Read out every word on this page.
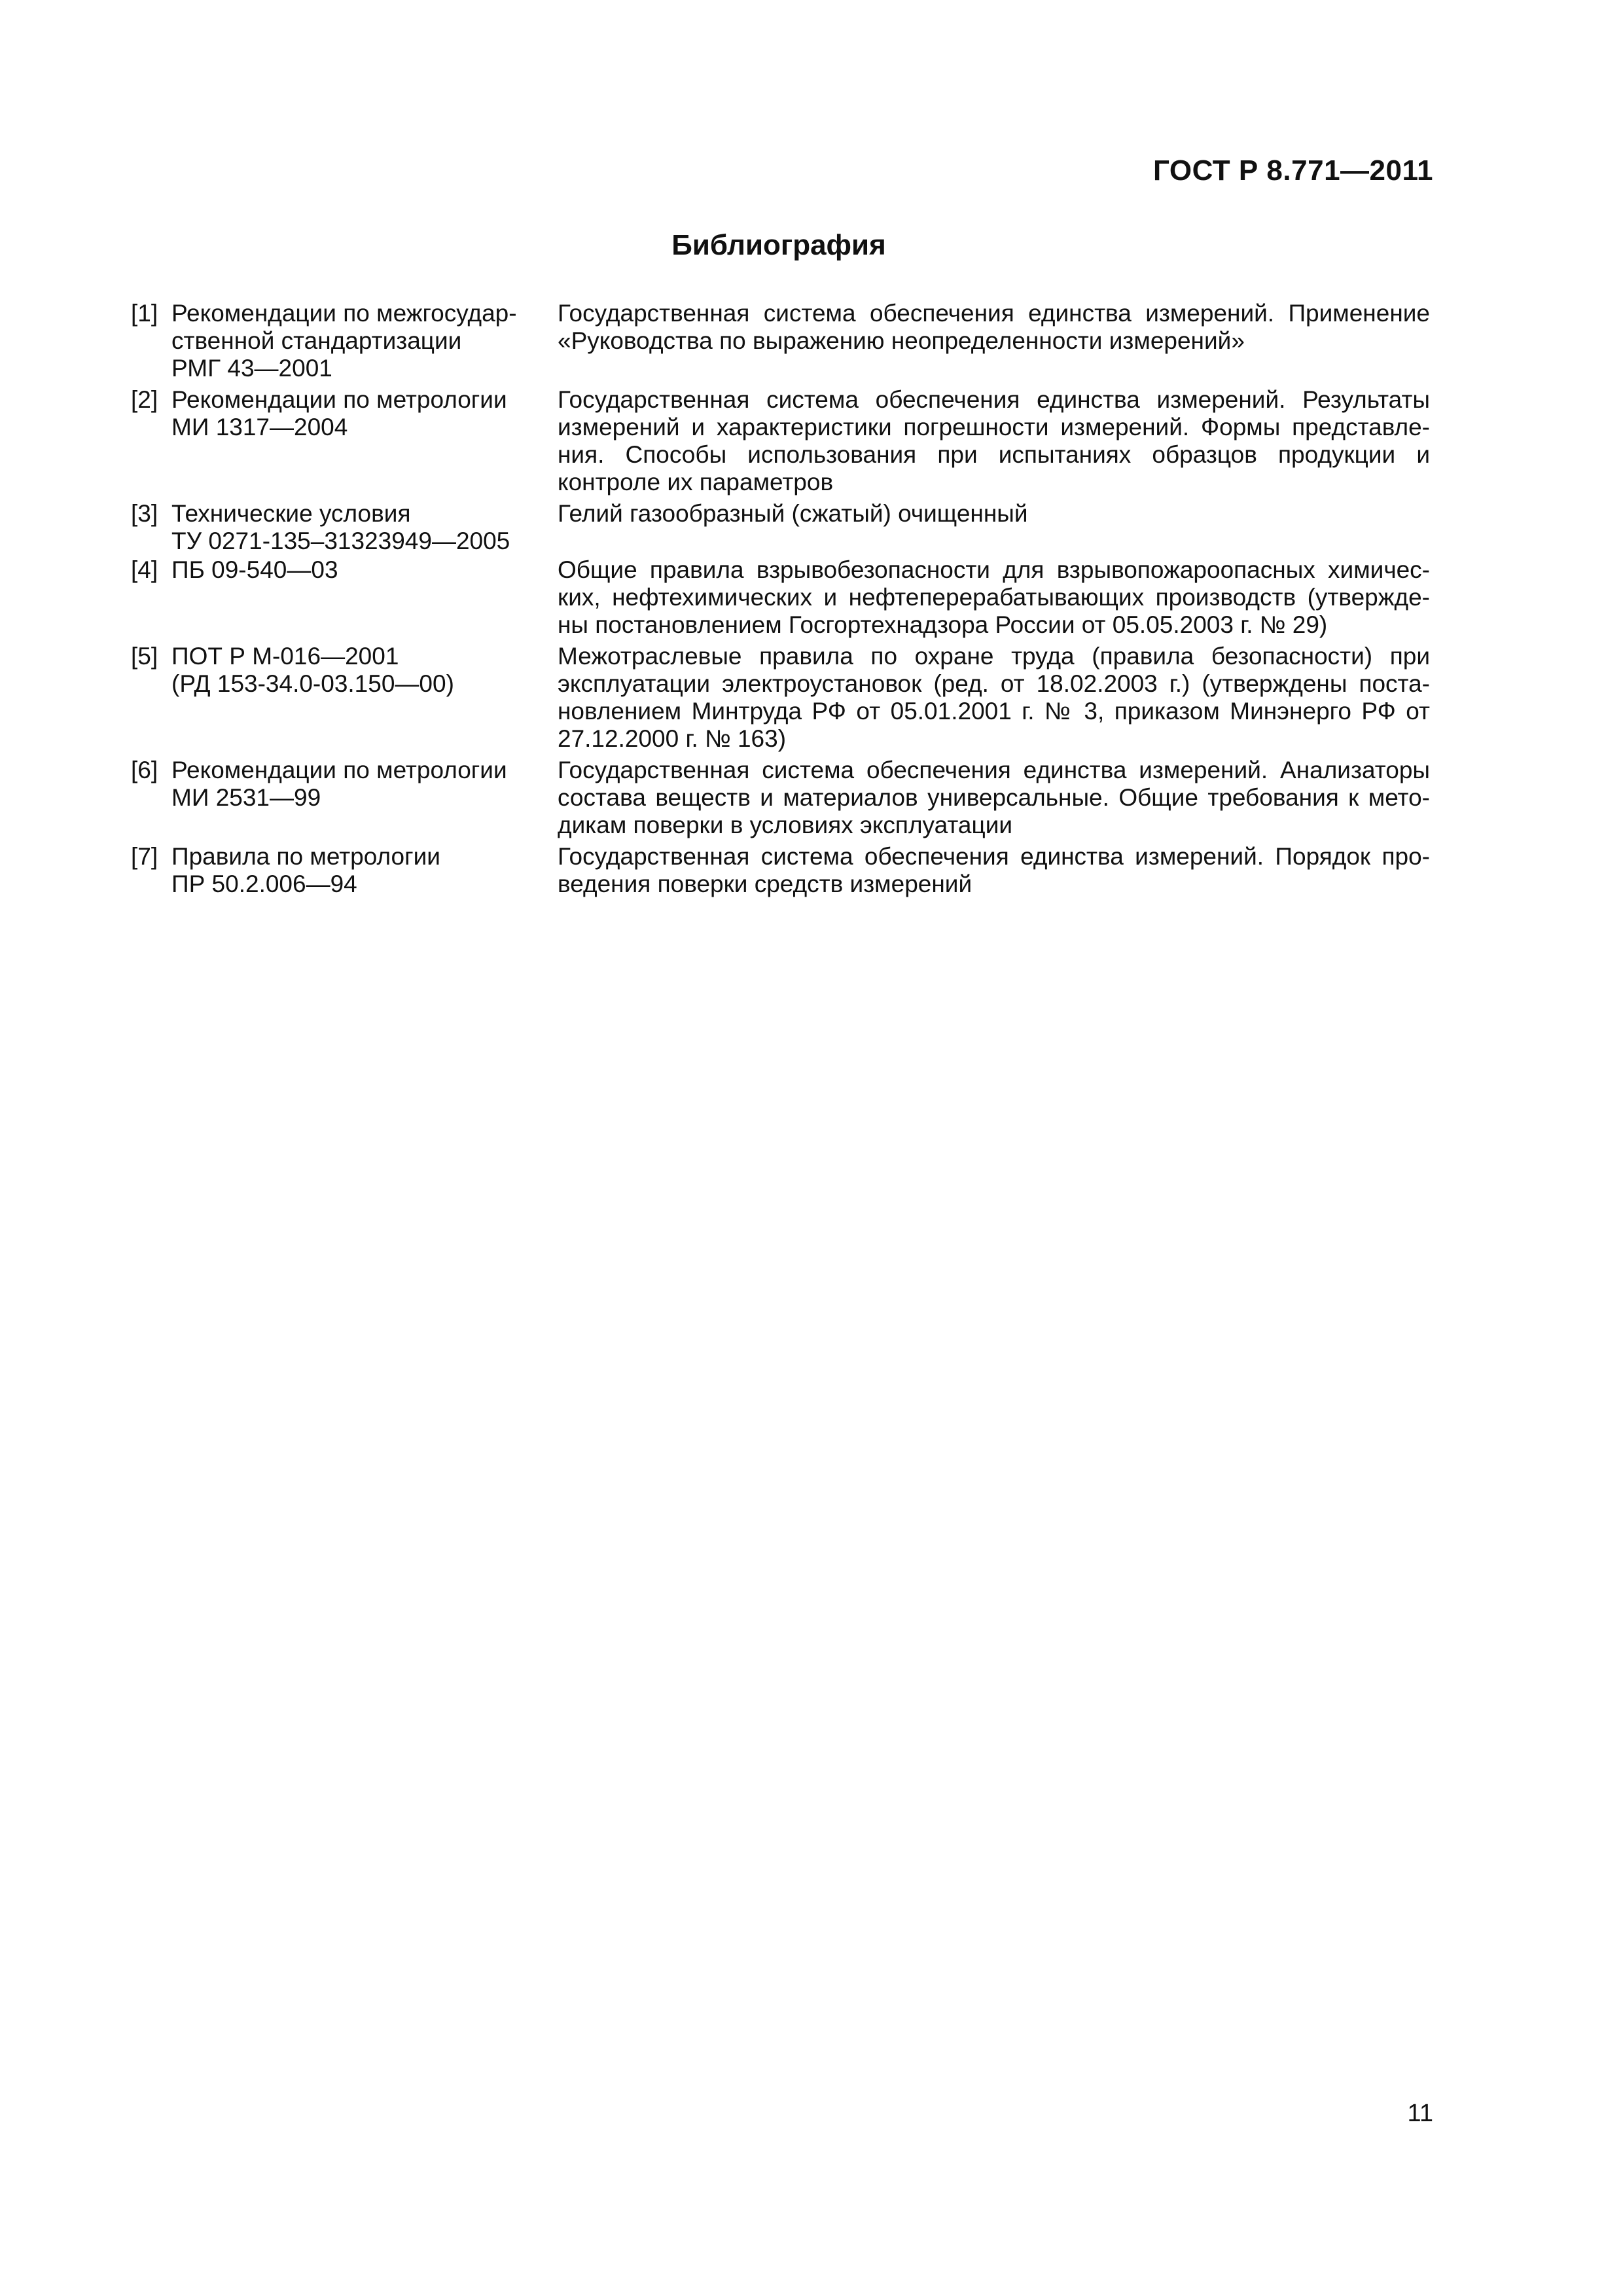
ГОСТ Р 8.771—2011
Библиография
[1] Рекомендации по межгосудар-
ственной стандартизации
РМГ 43—2001
Государственная система обеспечения единства измерений. Применение
«Руководства по выражению неопределенности измерений»
[2] Рекомендации по метрологии
МИ 1317—2004
Государственная система обеспечения единства измерений. Результаты
измерений и характеристики погрешности измерений. Формы представле-
ния. Способы использования при испытаниях образцов продукции и
контроле их параметров
[3] Технические условия
ТУ 0271-135–31323949—2005
Гелий газообразный (сжатый) очищенный
[4] ПБ 09-540—03	Общие правила взрывобезопасности для взрывопожароопасных химичес-
ких, нефтехимических и нефтеперерабатывающих производств (утвержде-
ны постановлением Госгортехнадзора России от 05.05.2003 г. № 29)
[5] ПОТ Р М-016—2001
(РД 153-34.0-03.150—00)
Межотраслевые правила по охране труда (правила безопасности) при
эксплуатации электроустановок (ред. от 18.02.2003 г.) (утверждены поста-
новлением Минтруда РФ от 05.01.2001 г. № 3, приказом Минэнерго РФ от
27.12.2000 г. № 163)
[6] Рекомендации по метрологии
МИ 2531—99
Государственная система обеспечения единства измерений. Анализаторы
состава веществ и материалов универсальные. Общие требования к мето-
дикам поверки в условиях эксплуатации
[7] Правила по метрологии
ПР 50.2.006—94
Государственная система обеспечения единства измерений. Порядок про-
ведения поверки средств измерений
11
